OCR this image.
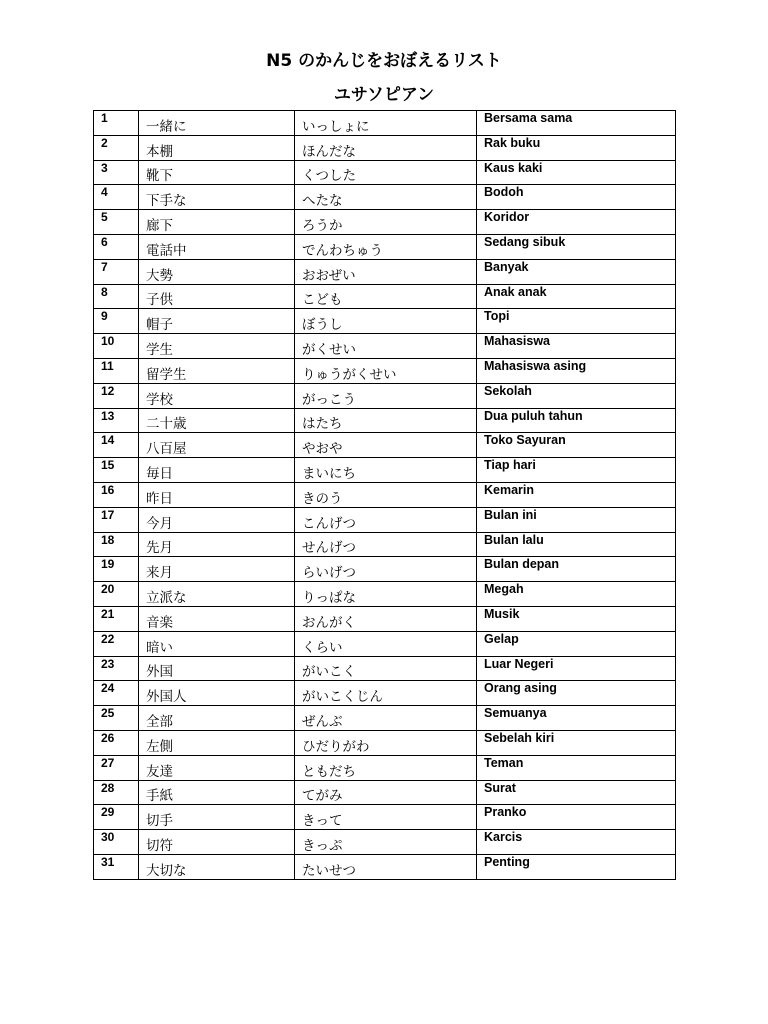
N5 のかんじをおぼえるリスト
ユサソピアン
1	一緒に	いっしょに	Bersama sama
2	本棚	ほんだな	Rak buku
3	靴下	くつした	Kaus kaki
4	下手な	へたな	Bodoh
5	廊下	ろうか	Koridor
6	電話中	でんわちゅう	Sedang sibuk
7	大勢	おおぜい	Banyak
8	子供	こども	Anak anak
9	帽子	ぼうし	Topi
10	学生	がくせい	Mahasiswa
11	留学生	りゅうがくせい	Mahasiswa asing
12	学校	がっこう	Sekolah
13	二十歳	はたち	Dua puluh tahun
14	八百屋	やおや	Toko Sayuran
15	毎日	まいにち	Tiap hari
16	昨日	きのう	Kemarin
17	今月	こんげつ	Bulan ini
18	先月	せんげつ	Bulan lalu
19	来月	らいげつ	Bulan depan
20	立派な	りっぱな	Megah
21	音楽	おんがく	Musik
22	暗い	くらい	Gelap
23	外国	がいこく	Luar Negeri
24	外国人	がいこくじん	Orang asing
25	全部	ぜんぶ	Semuanya
26	左側	ひだりがわ	Sebelah kiri
27	友達	ともだち	Teman
28	手紙	てがみ	Surat
29	切手	きって	Pranko
30	切符	きっぷ	Karcis
31	大切な	たいせつ	Penting
